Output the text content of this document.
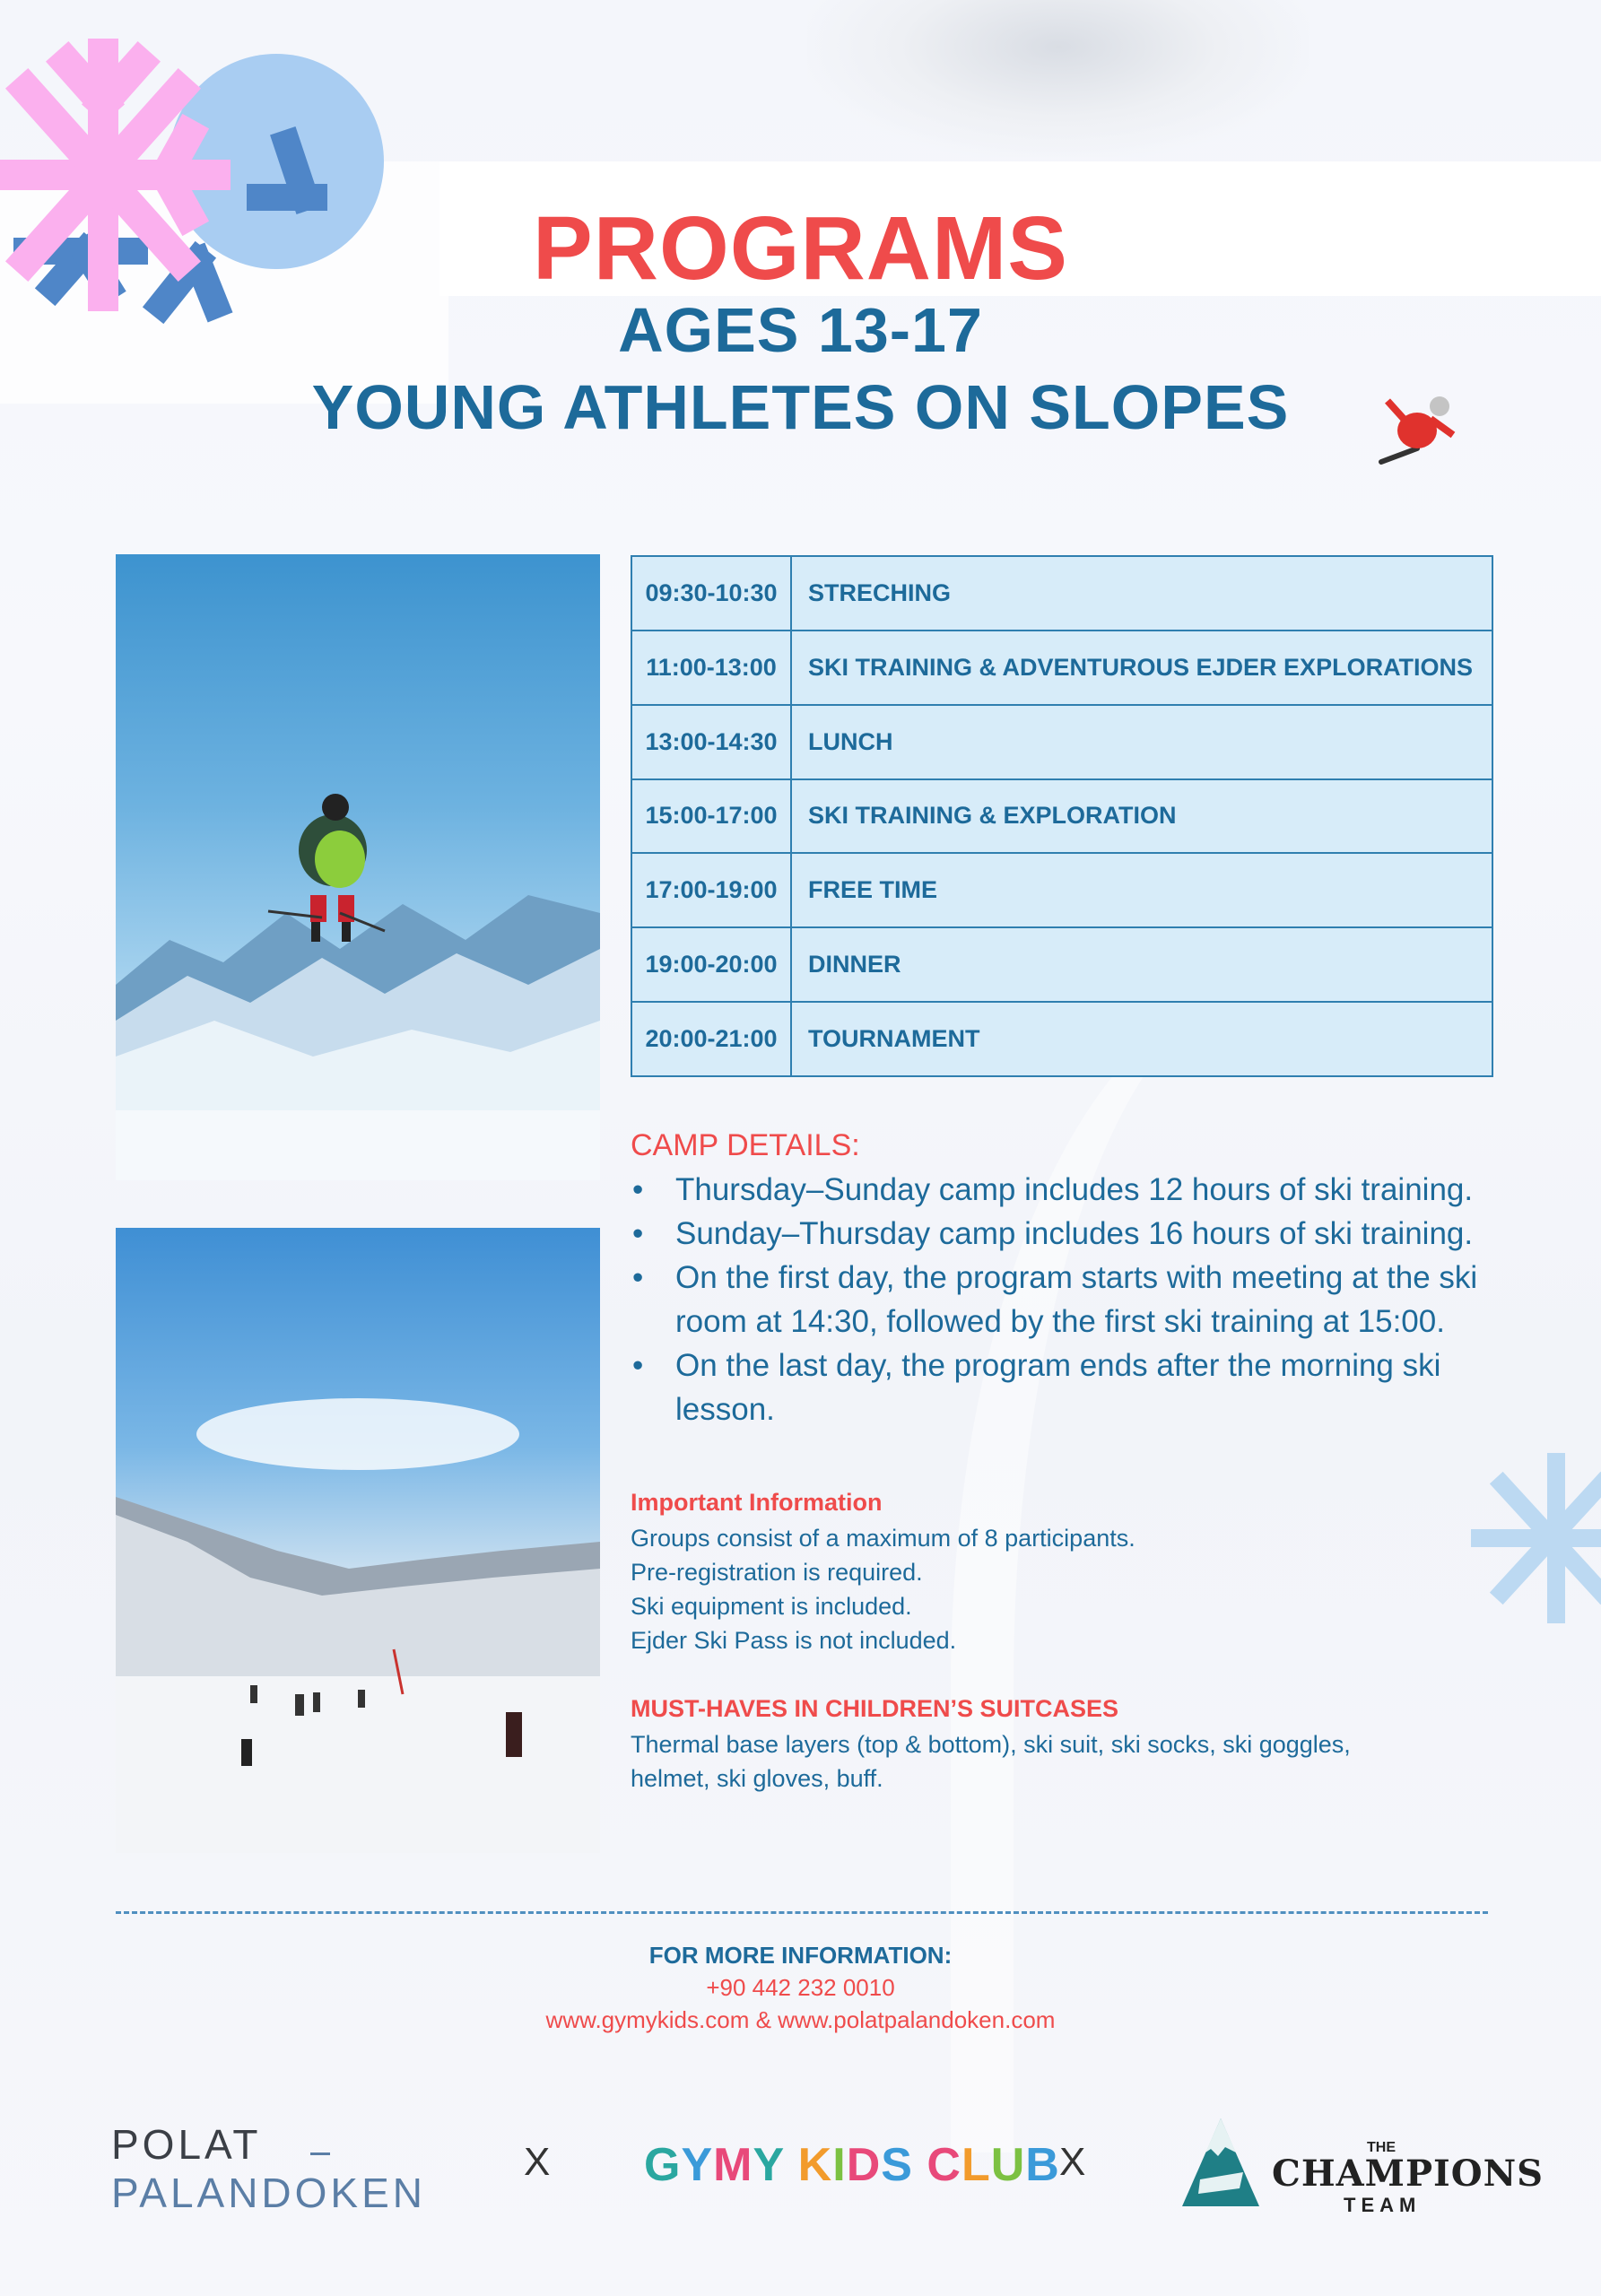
PROGRAMS
AGES 13-17
YOUNG ATHLETES ON SLOPES
09:30-10:30	STRECHING
11:00-13:00	SKI TRAINING & ADVENTUROUS EJDER EXPLORATIONS
13:00-14:30	LUNCH
15:00-17:00	SKI TRAINING & EXPLORATION
17:00-19:00	FREE TIME
19:00-20:00	DINNER
20:00-21:00	TOURNAMENT
CAMP DETAILS:
• Thursday–Sunday camp includes 12 hours of ski training.
• Sunday–Thursday camp includes 16 hours of ski training.
• On the first day, the program starts with meeting at the ski room at 14:30, followed by the first ski training at 15:00.
• On the last day, the program ends after the morning ski lesson.
Important Information
Groups consist of a maximum of 8 participants.
Pre-registration is required.
Ski equipment is included.
Ejder Ski Pass is not included.
MUST-HAVES IN CHILDREN’S SUITCASES
Thermal base layers (top & bottom), ski suit, ski socks, ski goggles,
helmet, ski gloves, buff.
FOR MORE INFORMATION:
+90 442 232 0010
www.gymykids.com & www.polatpalandoken.com
POLAT
PALANDOKEN
X GYMY KIDS CLUB X	THE
CHAMPIONS
TEAM
